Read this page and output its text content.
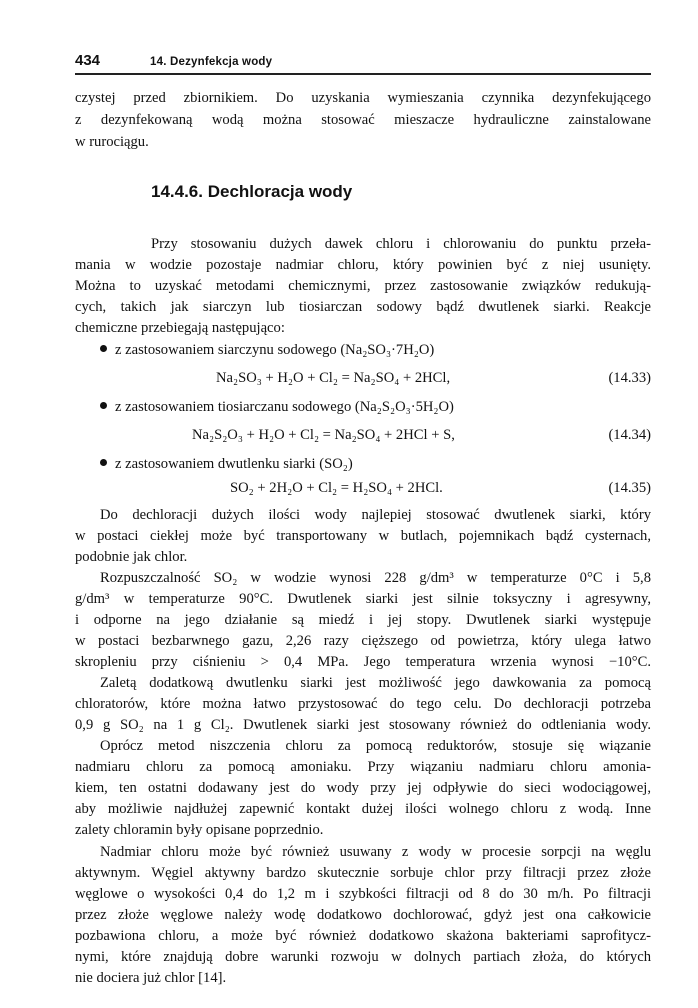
434	14. Dezynfekcja wody
czystej przed zbiornikiem. Do uzyskania wymieszania czynnika dezynfekującego
z dezynfekowaną wodą można stosować mieszacze hydrauliczne zainstalowane
w rurociągu.
14.4.6. Dechloracja wody
Przy stosowaniu dużych dawek chloru i chlorowaniu do punktu przeła-
mania w wodzie pozostaje nadmiar chloru, który powinien być z niej usunięty.
Można to uzyskać metodami chemicznymi, przez zastosowanie związków redukują-
cych, takich jak siarczyn lub tiosiarczan sodowy bądź dwutlenek siarki. Reakcje
chemiczne przebiegają następująco:
z zastosowaniem siarczynu sodowego (Na₂SO₃·7H₂O)
Na₂SO₃ + H₂O + Cl₂ = Na₂SO₄ + 2HCl,	(14.33)
z zastosowaniem tiosiarczanu sodowego (Na₂S₂O₃·5H₂O)
Na₂S₂O₃ + H₂O + Cl₂ = Na₂SO₄ + 2HCl + S,	(14.34)
z zastosowaniem dwutlenku siarki (SO₂)
SO₂ + 2H₂O + Cl₂ = H₂SO₄ + 2HCl.	(14.35)
Do dechloracji dużych ilości wody najlepiej stosować dwutlenek siarki, który
w postaci ciekłej może być transportowany w butlach, pojemnikach bądź cysternach,
podobnie jak chlor.
Rozpuszczalność SO₂ w wodzie wynosi 228 g/dm³ w temperaturze 0°C i 5,8
g/dm³ w temperaturze 90°C. Dwutlenek siarki jest silnie toksyczny i agresywny,
i odporne na jego działanie są miedź i jej stopy. Dwutlenek siarki występuje
w postaci bezbarwnego gazu, 2,26 razy cięższego od powietrza, który ulega łatwo
skropleniu przy ciśnieniu > 0,4 MPa. Jego temperatura wrzenia wynosi −10°C.
Zaletą dodatkową dwutlenku siarki jest możliwość jego dawkowania za pomocą
chloratorów, które można łatwo przystosować do tego celu. Do dechloracji potrzeba
0,9 g SO₂ na 1 g Cl₂. Dwutlenek siarki jest stosowany również do odtleniania wody.
Oprócz metod niszczenia chloru za pomocą reduktorów, stosuje się wiązanie
nadmiaru chloru za pomocą amoniaku. Przy wiązaniu nadmiaru chloru amonia-
kiem, ten ostatni dodawany jest do wody przy jej odpływie do sieci wodociągowej,
aby możliwie najdłużej zapewnić kontakt dużej ilości wolnego chloru z wodą. Inne
zalety chloramin były opisane poprzednio.
Nadmiar chloru może być również usuwany z wody w procesie sorpcji na węglu
aktywnym. Węgiel aktywny bardzo skutecznie sorbuje chlor przy filtracji przez złoże
węglowe o wysokości 0,4 do 1,2 m i szybkości filtracji od 8 do 30 m/h. Po filtracji
przez złoże węglowe należy wodę dodatkowo dochlorować, gdyż jest ona całkowicie
pozbawiona chloru, a może być również dodatkowo skażona bakteriami saprofitycz-
nymi, które znajdują dobre warunki rozwoju w dolnych partiach złoża, do których
nie dociera już chlor [14].
